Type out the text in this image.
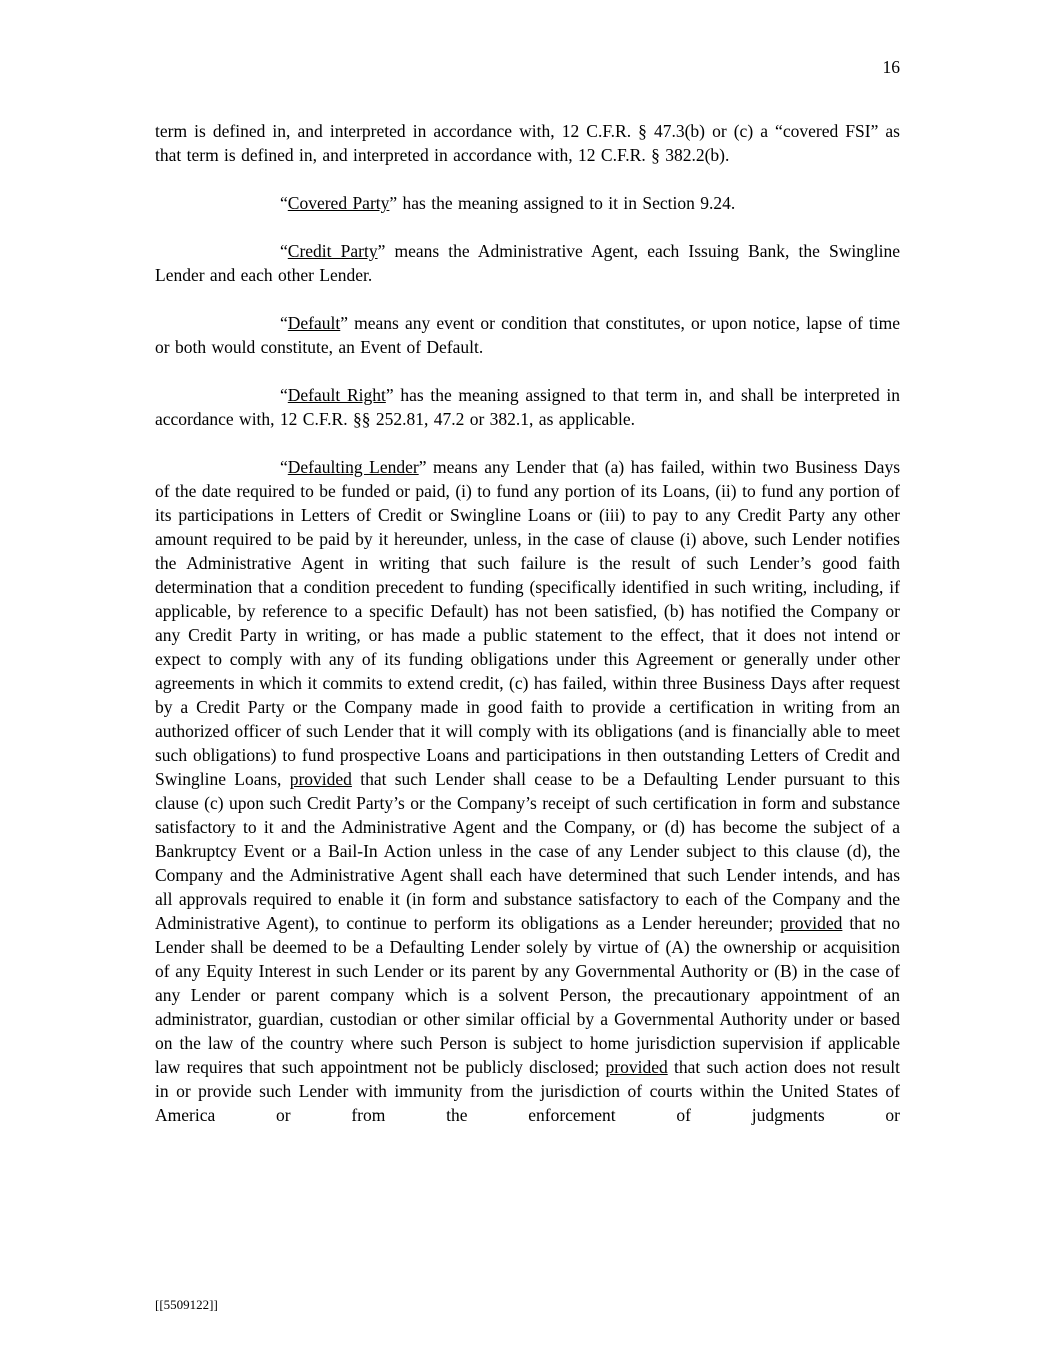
16

term is defined in, and interpreted in accordance with, 12 C.F.R. § 47.3(b) or (c) a “covered FSI” as that term is defined in, and interpreted in accordance with, 12 C.F.R. § 382.2(b).

“Covered Party” has the meaning assigned to it in Section 9.24.

“Credit Party” means the Administrative Agent, each Issuing Bank, the Swingline Lender and each other Lender.

“Default” means any event or condition that constitutes, or upon notice, lapse of time or both would constitute, an Event of Default.

“Default Right” has the meaning assigned to that term in, and shall be interpreted in accordance with, 12 C.F.R. §§ 252.81, 47.2 or 382.1, as applicable.

“Defaulting Lender” means any Lender that (a) has failed, within two Business Days of the date required to be funded or paid, (i) to fund any portion of its Loans, (ii) to fund any portion of its participations in Letters of Credit or Swingline Loans or (iii) to pay to any Credit Party any other amount required to be paid by it hereunder, unless, in the case of clause (i) above, such Lender notifies the Administrative Agent in writing that such failure is the result of such Lender’s good faith determination that a condition precedent to funding (specifically identified in such writing, including, if applicable, by reference to a specific Default) has not been satisfied, (b) has notified the Company or any Credit Party in writing, or has made a public statement to the effect, that it does not intend or expect to comply with any of its funding obligations under this Agreement or generally under other agreements in which it commits to extend credit, (c) has failed, within three Business Days after request by a Credit Party or the Company made in good faith to provide a certification in writing from an authorized officer of such Lender that it will comply with its obligations (and is financially able to meet such obligations) to fund prospective Loans and participations in then outstanding Letters of Credit and Swingline Loans, provided that such Lender shall cease to be a Defaulting Lender pursuant to this clause (c) upon such Credit Party’s or the Company’s receipt of such certification in form and substance satisfactory to it and the Administrative Agent and the Company, or (d) has become the subject of a Bankruptcy Event or a Bail-In Action unless in the case of any Lender subject to this clause (d), the Company and the Administrative Agent shall each have determined that such Lender intends, and has all approvals required to enable it (in form and substance satisfactory to each of the Company and the Administrative Agent), to continue to perform its obligations as a Lender hereunder; provided that no Lender shall be deemed to be a Defaulting Lender solely by virtue of (A) the ownership or acquisition of any Equity Interest in such Lender or its parent by any Governmental Authority or (B) in the case of any Lender or parent company which is a solvent Person, the precautionary appointment of an administrator, guardian, custodian or other similar official by a Governmental Authority under or based on the law of the country where such Person is subject to home jurisdiction supervision if applicable law requires that such appointment not be publicly disclosed; provided that such action does not result in or provide such Lender with immunity from the jurisdiction of courts within the United States of America or from the enforcement of judgments or

[[5509122]]
